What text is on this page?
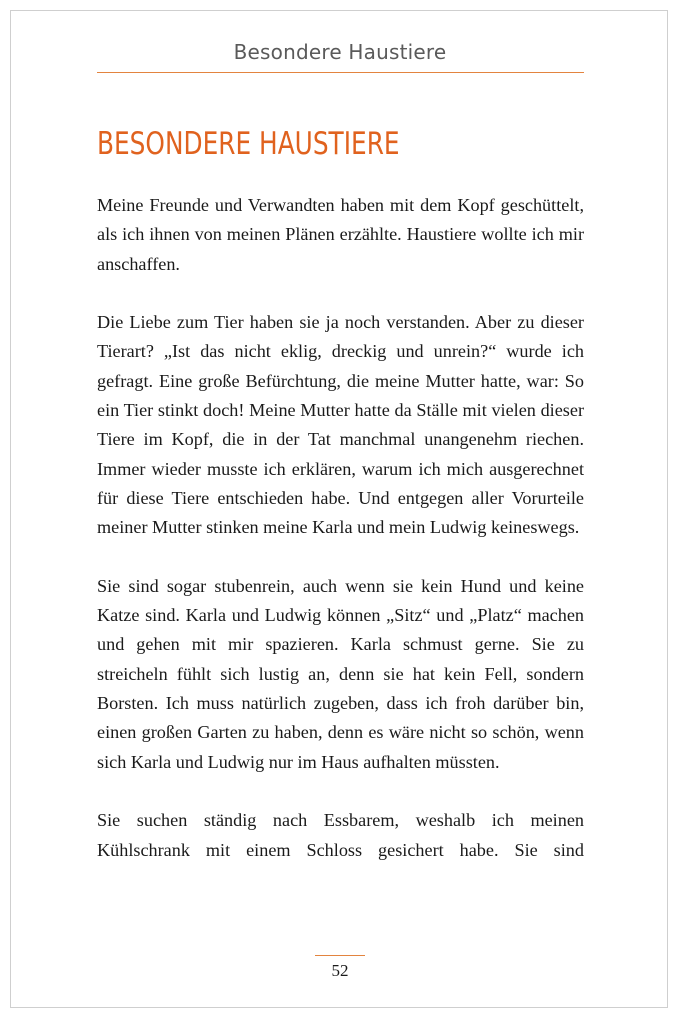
Besondere Haustiere
BESONDERE HAUSTIERE

Meine Freunde und Verwandten haben mit dem Kopf geschüttelt, als ich ihnen von meinen Plänen erzählte. Haustiere wollte ich mir anschaffen.

Die Liebe zum Tier haben sie ja noch verstanden. Aber zu dieser Tierart? „Ist das nicht eklig, dreckig und unrein?“ wurde ich gefragt. Eine große Befürchtung, die meine Mutter hatte, war: So ein Tier stinkt doch! Meine Mutter hatte da Ställe mit vielen dieser Tiere im Kopf, die in der Tat manchmal unangenehm riechen. Immer wieder musste ich erklären, warum ich mich ausgerechnet für diese Tiere entschieden habe. Und entgegen aller Vorurteile meiner Mutter stinken meine Karla und mein Ludwig keineswegs.

Sie sind sogar stubenrein, auch wenn sie kein Hund und keine Katze sind. Karla und Ludwig können „Sitz“ und „Platz“ machen und gehen mit mir spazieren. Karla schmust gerne. Sie zu streicheln fühlt sich lustig an, denn sie hat kein Fell, sondern Borsten. Ich muss natürlich zugeben, dass ich froh darüber bin, einen großen Garten zu haben, denn es wäre nicht so schön, wenn sich Karla und Ludwig nur im Haus aufhalten müssten.

Sie suchen ständig nach Essbarem, weshalb ich meinen Kühlschrank mit einem Schloss gesichert habe. Sie sind

52
